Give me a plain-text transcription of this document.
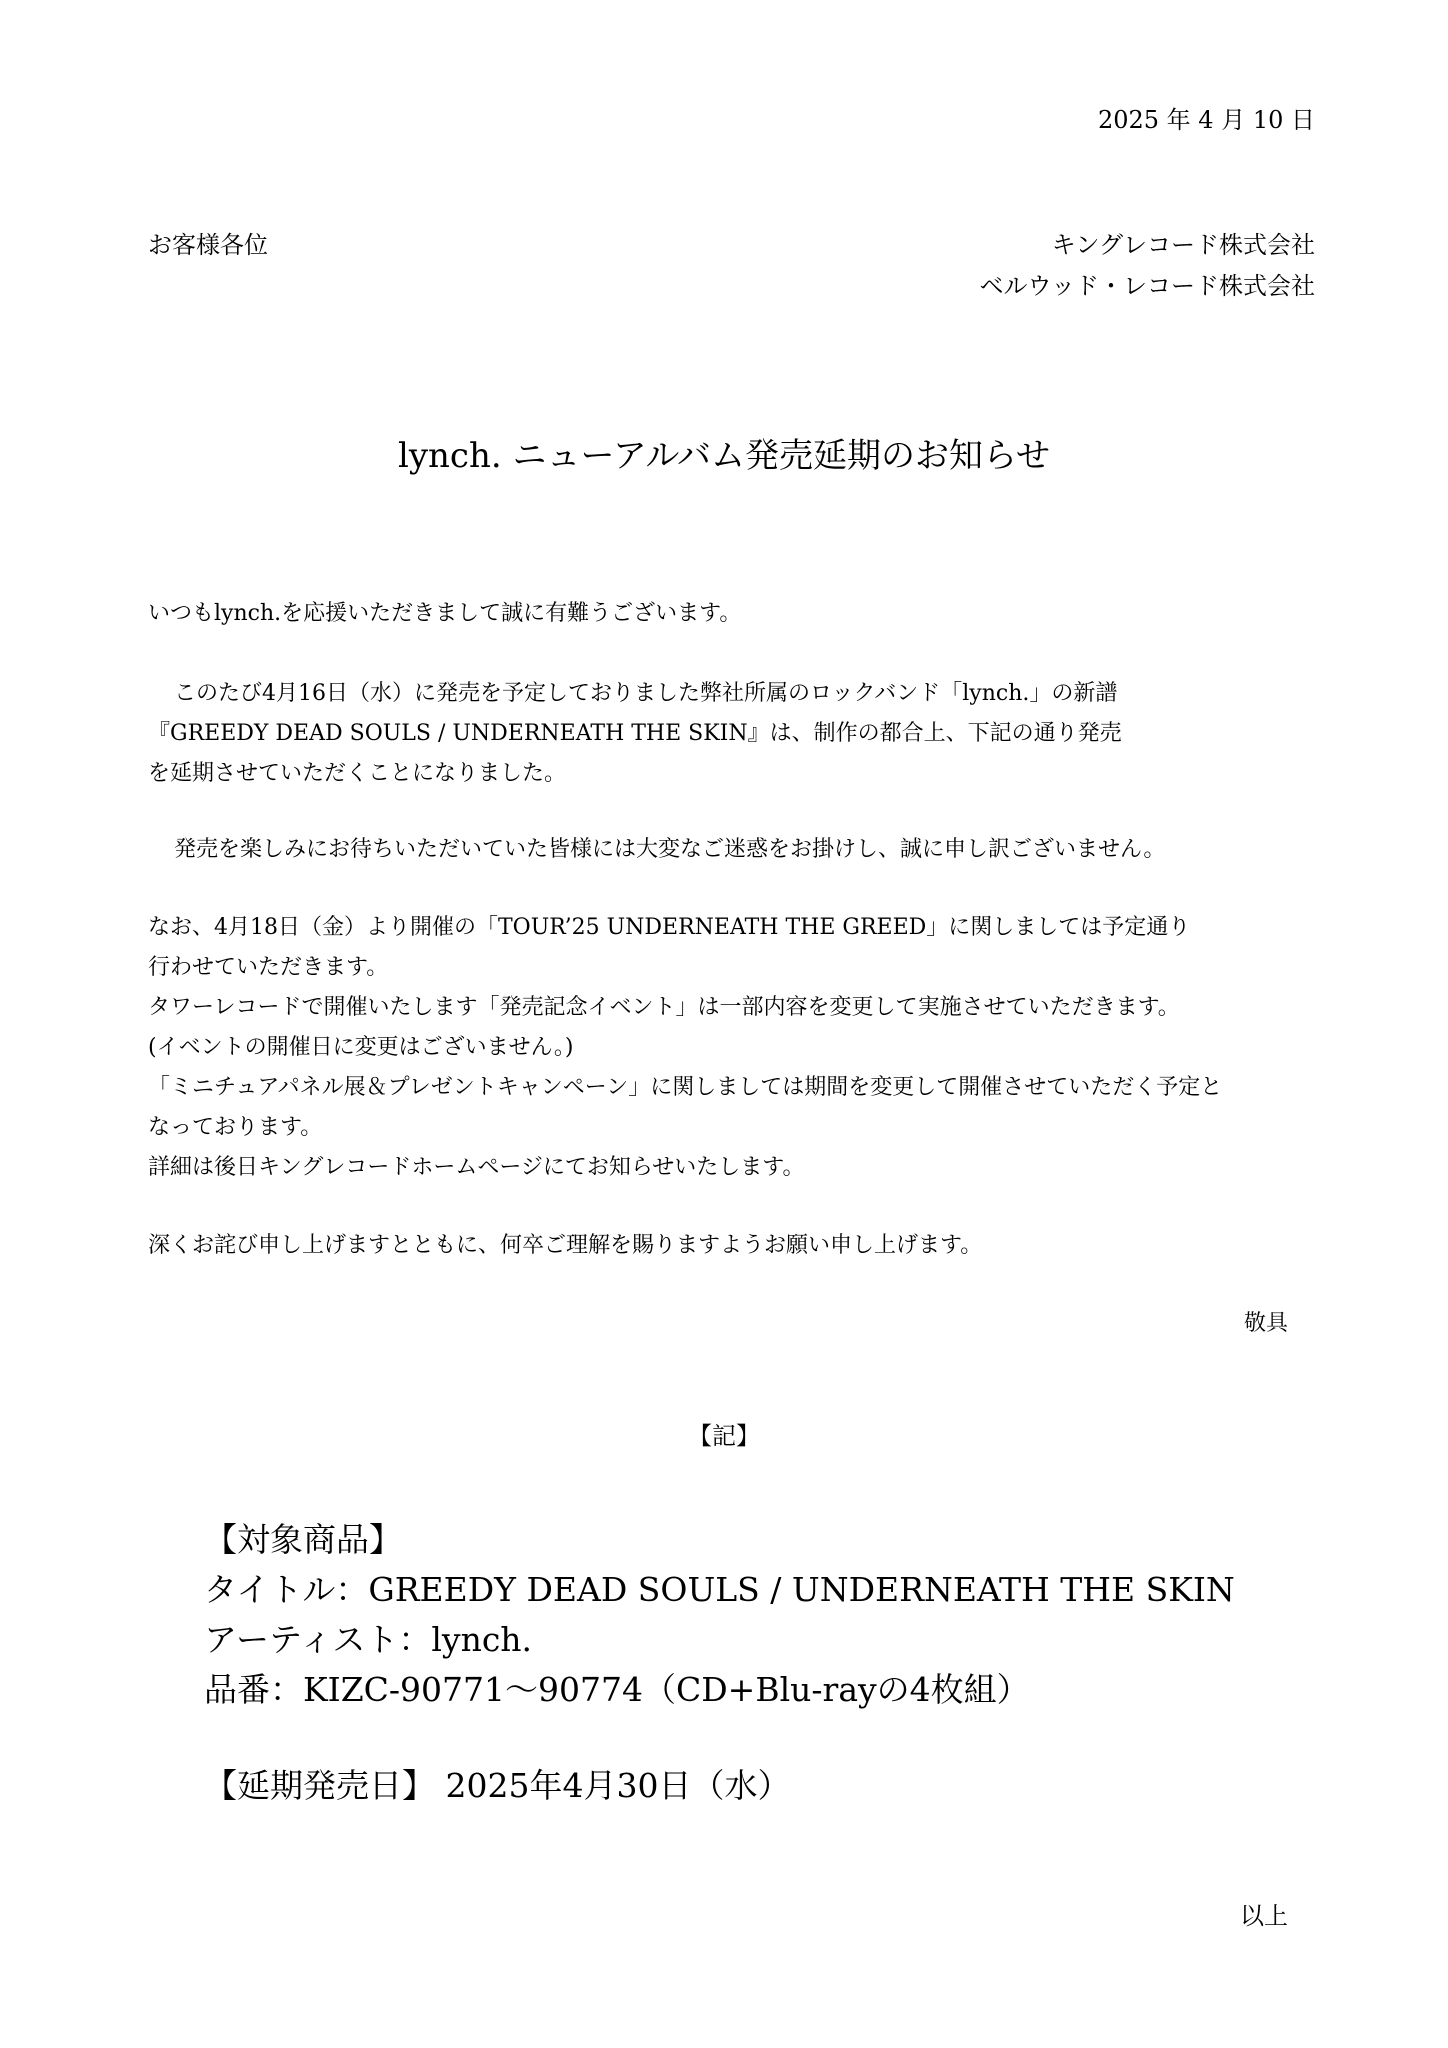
2025 年 4 月 10 日
お客様各位	キングレコード株式会社
ベルウッド・レコード株式会社
lynch. ニューアルバム発売延期のお知らせ
いつもlynch.を応援いただきまして誠に有難うございます。
このたび4月16日（水）に発売を予定しておりました弊社所属のロックバンド「lynch.」の新譜
『GREEDY DEAD SOULS / UNDERNEATH THE SKIN』は、制作の都合上、下記の通り発売
を延期させていただくことになりました。
発売を楽しみにお待ちいただいていた皆様には大変なご迷惑をお掛けし、誠に申し訳ございません。
なお、4月18日（金）より開催の「TOUR’25 UNDERNEATH THE GREED」に関しましては予定通り
行わせていただきます。
タワーレコードで開催いたします「発売記念イベント」は一部内容を変更して実施させていただきます。
(イベントの開催日に変更はございません。)
「ミニチュアパネル展＆プレゼントキャンペーン」に関しましては期間を変更して開催させていただく予定と
なっております。
詳細は後日キングレコードホームページにてお知らせいたします。
深くお詫び申し上げますとともに、何卒ご理解を賜りますようお願い申し上げます。
敬具
【記】
【対象商品】
タイトル：GREEDY DEAD SOULS / UNDERNEATH THE SKIN
アーティスト：lynch.
品番：KIZC-90771～90774（CD+Blu-rayの4枚組）
【延期発売日】 2025年4月30日（水）
以上
